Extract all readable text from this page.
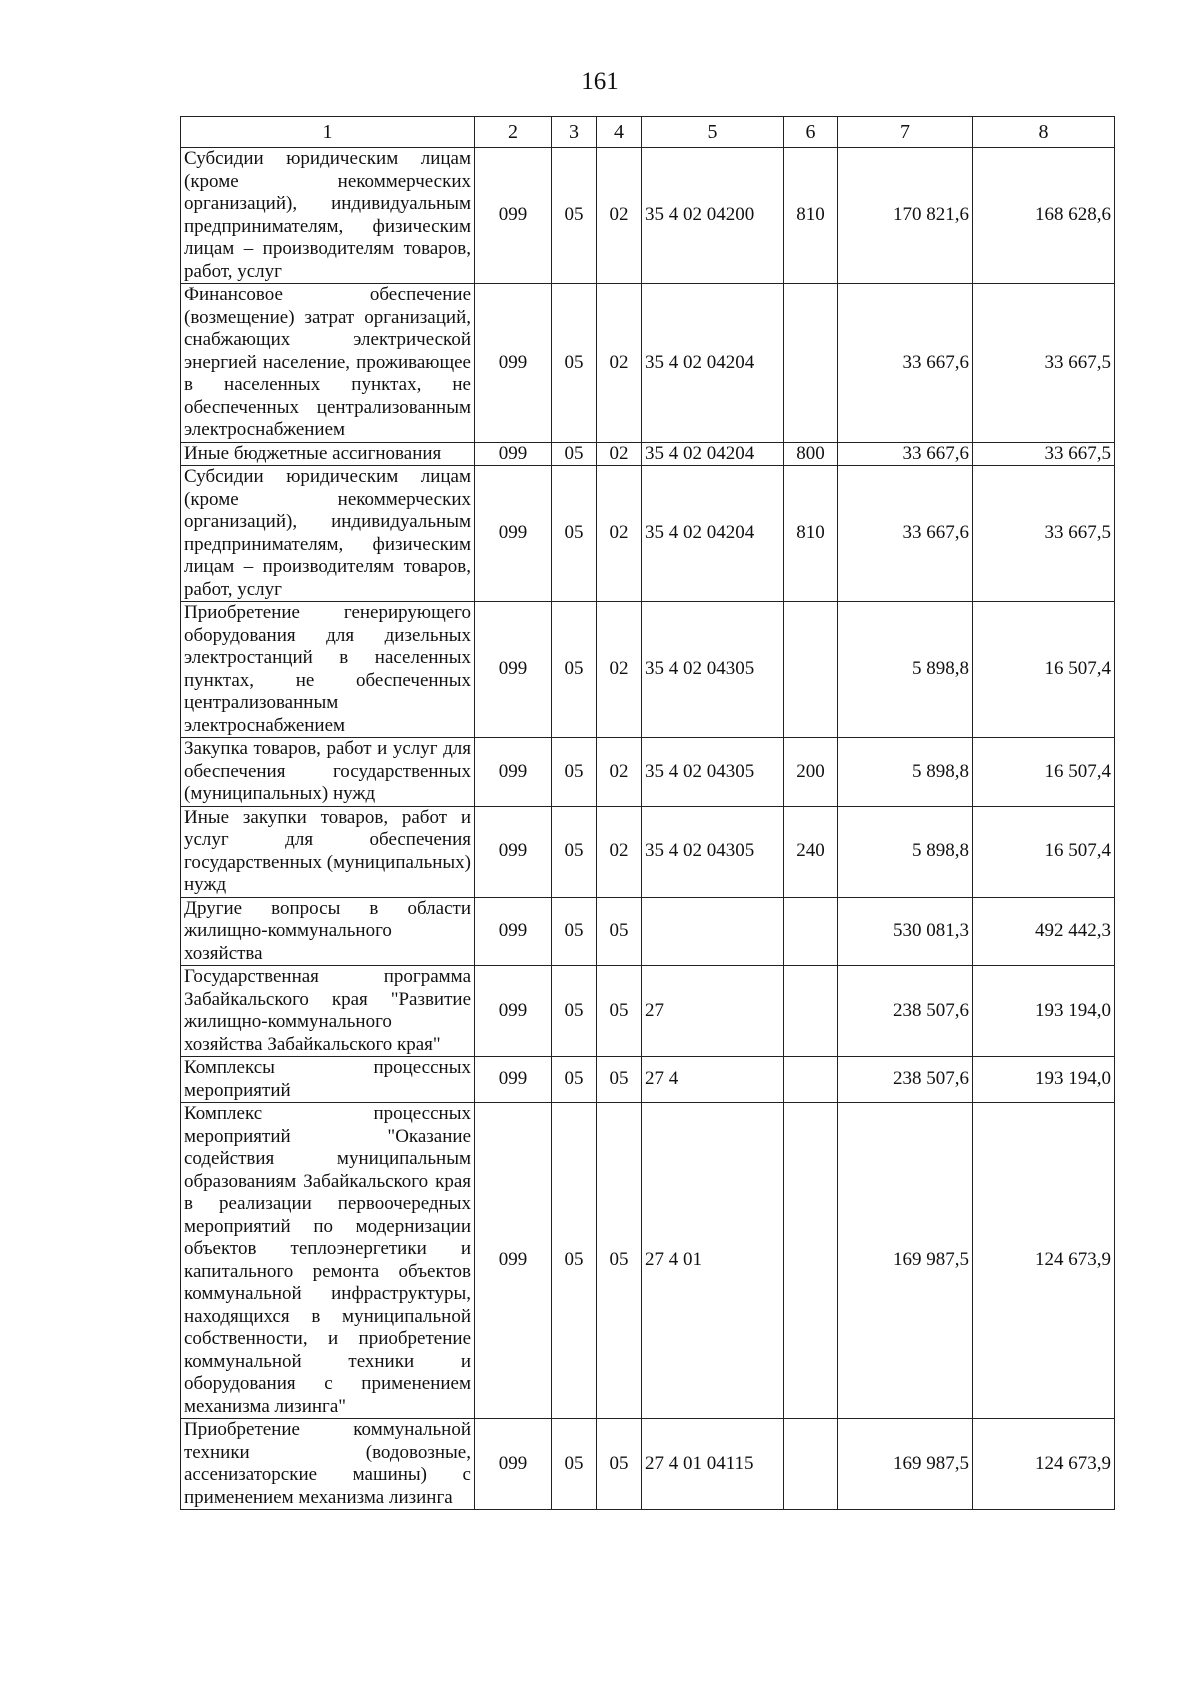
161
1	2	3	4	5	6	7	8
Субсидии юридическим лицам (кроме некоммерческих организаций), индивидуальным предпринимателям, физическим лицам – производителям товаров, работ, услуг	099	05	02	35 4 02 04200	810	170 821,6	168 628,6
Финансовое обеспечение (возмещение) затрат организаций, снабжающих электрической энергией население, проживающее в населенных пунктах, не обеспеченных централизованным электроснабжением	099	05	02	35 4 02 04204		33 667,6	33 667,5
Иные бюджетные ассигнования	099	05	02	35 4 02 04204	800	33 667,6	33 667,5
Субсидии юридическим лицам (кроме некоммерческих организаций), индивидуальным предпринимателям, физическим лицам – производителям товаров, работ, услуг	099	05	02	35 4 02 04204	810	33 667,6	33 667,5
Приобретение генерирующего оборудования для дизельных электростанций в населенных пунктах, не обеспеченных централизованным электроснабжением	099	05	02	35 4 02 04305		5 898,8	16 507,4
Закупка товаров, работ и услуг для обеспечения государственных (муниципальных) нужд	099	05	02	35 4 02 04305	200	5 898,8	16 507,4
Иные закупки товаров, работ и услуг для обеспечения государственных (муниципальных) нужд	099	05	02	35 4 02 04305	240	5 898,8	16 507,4
Другие вопросы в области жилищно-коммунального хозяйства	099	05	05			530 081,3	492 442,3
Государственная программа Забайкальского края "Развитие жилищно-коммунального хозяйства Забайкальского края"	099	05	05	27		238 507,6	193 194,0
Комплексы процессных мероприятий	099	05	05	27 4		238 507,6	193 194,0
Комплекс процессных мероприятий "Оказание содействия муниципальным образованиям Забайкальского края в реализации первоочередных мероприятий по модернизации объектов теплоэнергетики и капитального ремонта объектов коммунальной инфраструктуры, находящихся в муниципальной собственности, и приобретение коммунальной техники и оборудования с применением механизма лизинга"	099	05	05	27 4 01		169 987,5	124 673,9
Приобретение коммунальной техники (водовозные, ассенизаторские машины) с применением механизма лизинга	099	05	05	27 4 01 04115		169 987,5	124 673,9
